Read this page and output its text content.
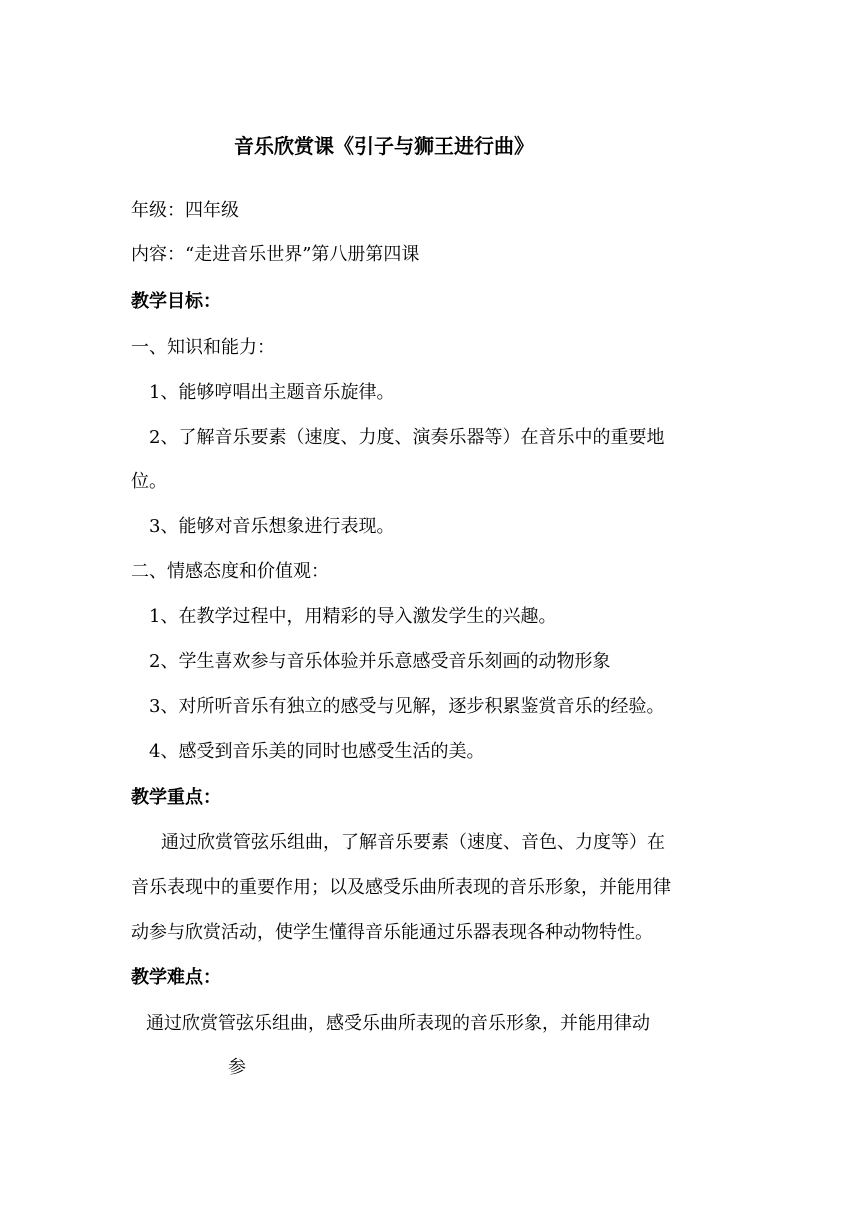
音乐欣赏课《引子与狮王进行曲》
年级：四年级
内容：“走进音乐世界”第八册第四课
教学目标：
一、知识和能力：
1、能够哼唱出主题音乐旋律。
2、了解音乐要素（速度、力度、演奏乐器等）在音乐中的重要地
位。
3、能够对音乐想象进行表现。
二、情感态度和价值观：
1、在教学过程中，用精彩的导入激发学生的兴趣。
2、学生喜欢参与音乐体验并乐意感受音乐刻画的动物形象
3、对所听音乐有独立的感受与见解，逐步积累鉴赏音乐的经验。
4、感受到音乐美的同时也感受生活的美。
教学重点：
通过欣赏管弦乐组曲，了解音乐要素（速度、音色、力度等）在
音乐表现中的重要作用；以及感受乐曲所表现的音乐形象，并能用律
动参与欣赏活动，使学生懂得音乐能通过乐器表现各种动物特性。
教学难点：
通过欣赏管弦乐组曲，感受乐曲所表现的音乐形象，并能用律动
参
